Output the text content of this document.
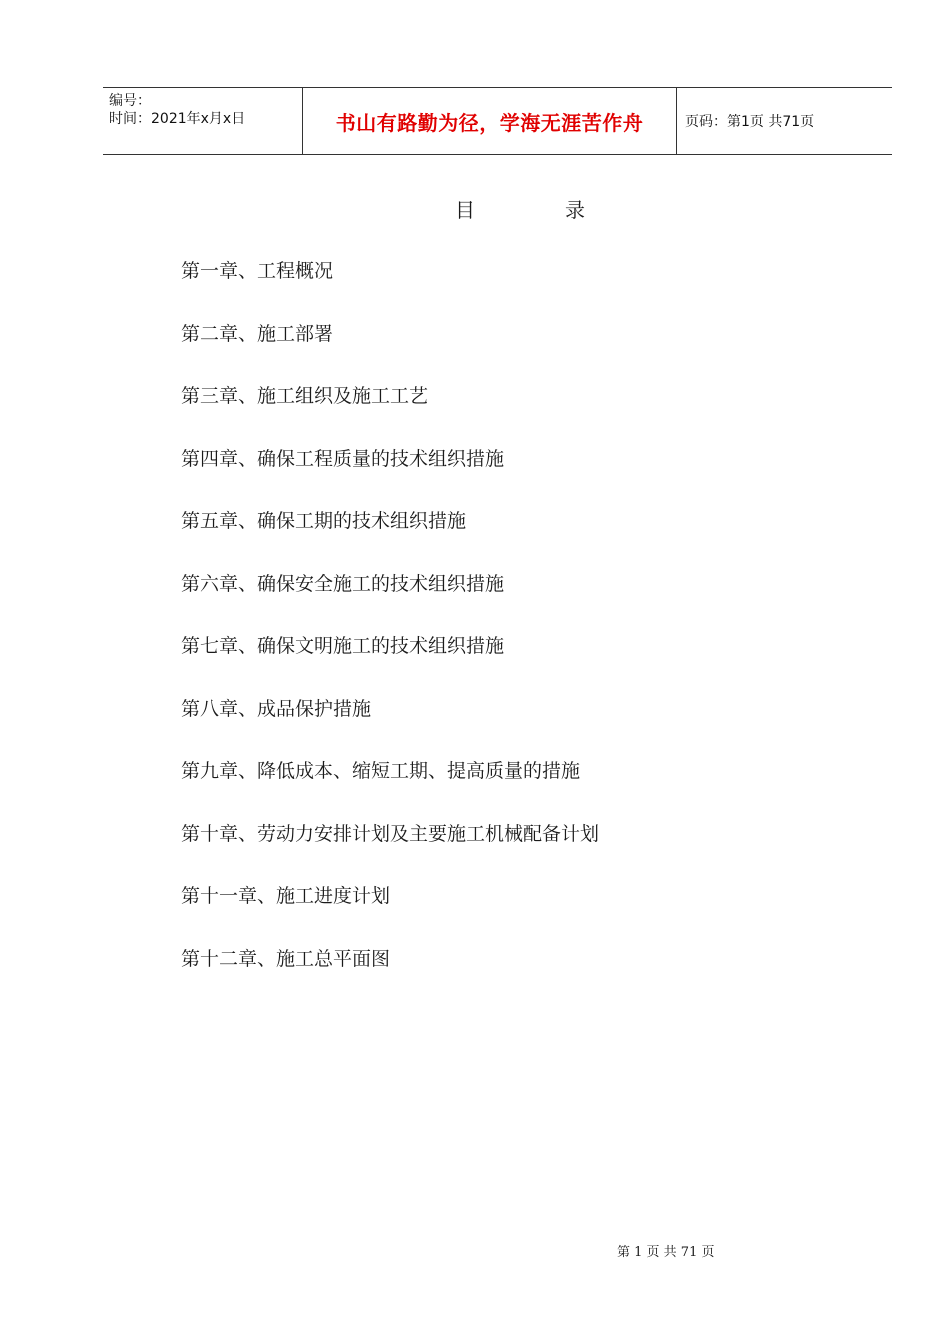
编号：
时间：2021年x月x日	书山有路勤为径，学海无涯苦作舟	页码：第1页 共71页
目	录
第一章、工程概况
第二章、施工部署
第三章、施工组织及施工工艺
第四章、确保工程质量的技术组织措施
第五章、确保工期的技术组织措施
第六章、确保安全施工的技术组织措施
第七章、确保文明施工的技术组织措施
第八章、成品保护措施
第九章、降低成本、缩短工期、提高质量的措施
第十章、劳动力安排计划及主要施工机械配备计划
第十一章、施工进度计划
第十二章、施工总平面图
第 1 页 共 71 页
